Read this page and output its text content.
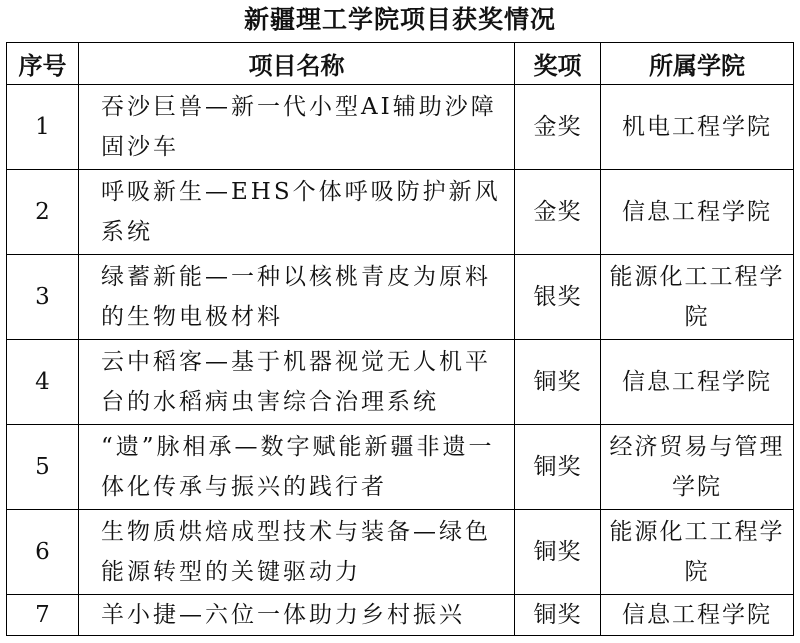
新疆理工学院项目获奖情况
序号	项目名称	奖项	所属学院
1	吞沙巨兽—新一代小型AI辅助沙障固沙车	金奖	机电工程学院
2	呼吸新生—EHS个体呼吸防护新风系统	金奖	信息工程学院
3	绿蓄新能—一种以核桃青皮为原料的生物电极材料	银奖	能源化工工程学院
4	云中稻客—基于机器视觉无人机平台的水稻病虫害综合治理系统	铜奖	信息工程学院
5	“遗”脉相承—数字赋能新疆非遗一体化传承与振兴的践行者	铜奖	经济贸易与管理学院
6	生物质烘焙成型技术与装备—绿色能源转型的关键驱动力	铜奖	能源化工工程学院
7	羊小捷—六位一体助力乡村振兴	铜奖	信息工程学院
